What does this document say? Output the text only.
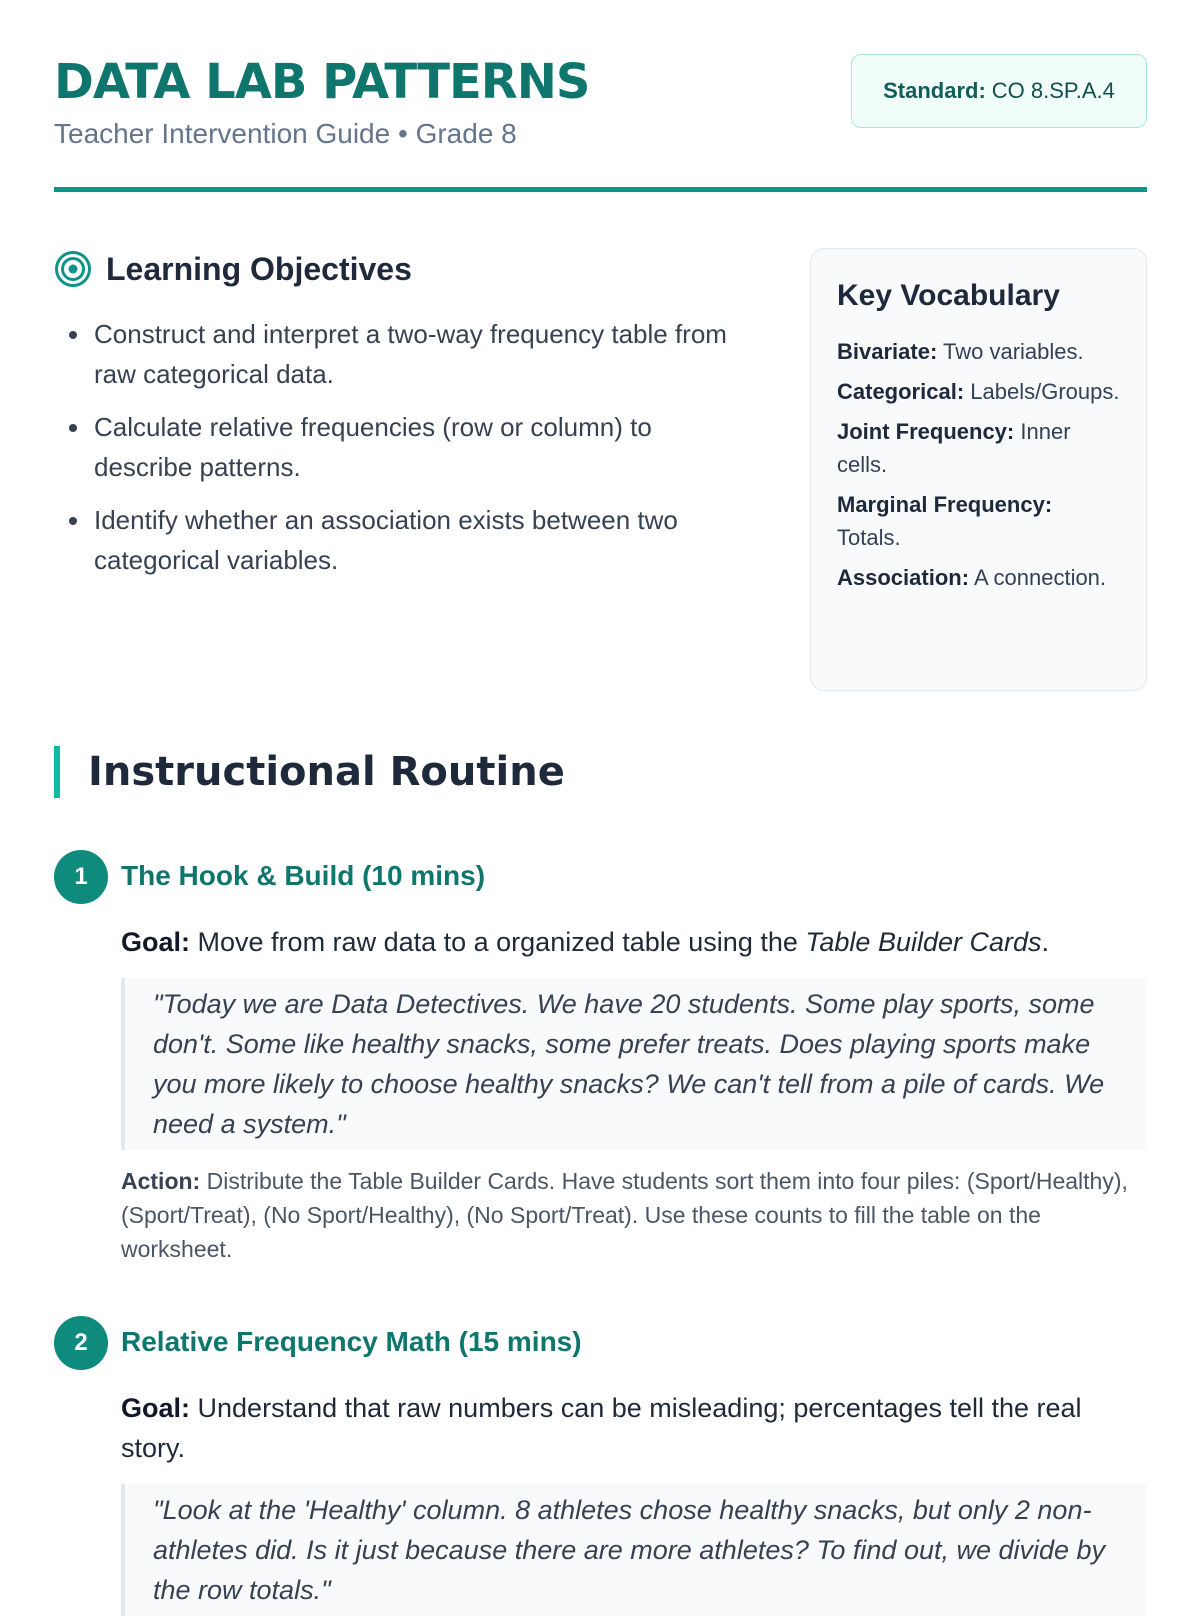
DATA LAB PATTERNS
Teacher Intervention Guide • Grade 8
Standard: CO 8.SP.A.4
Learning Objectives
Construct and interpret a two-way frequency table from raw categorical data.
Calculate relative frequencies (row or column) to describe patterns.
Identify whether an association exists between two categorical variables.
Key Vocabulary
Bivariate: Two variables.
Categorical: Labels/Groups.
Joint Frequency: Inner cells.
Marginal Frequency: Totals.
Association: A connection.
Instructional Routine
1	The Hook & Build (10 mins)
Goal: Move from raw data to a organized table using the Table Builder Cards.
"Today we are Data Detectives. We have 20 students. Some play sports, some don't. Some like healthy snacks, some prefer treats. Does playing sports make you more likely to choose healthy snacks? We can't tell from a pile of cards. We need a system."
Action: Distribute the Table Builder Cards. Have students sort them into four piles: (Sport/Healthy), (Sport/Treat), (No Sport/Healthy), (No Sport/Treat). Use these counts to fill the table on the worksheet.
2	Relative Frequency Math (15 mins)
Goal: Understand that raw numbers can be misleading; percentages tell the real story.
"Look at the 'Healthy' column. 8 athletes chose healthy snacks, but only 2 non-athletes did. Is it just because there are more athletes? To find out, we divide by the row totals."
